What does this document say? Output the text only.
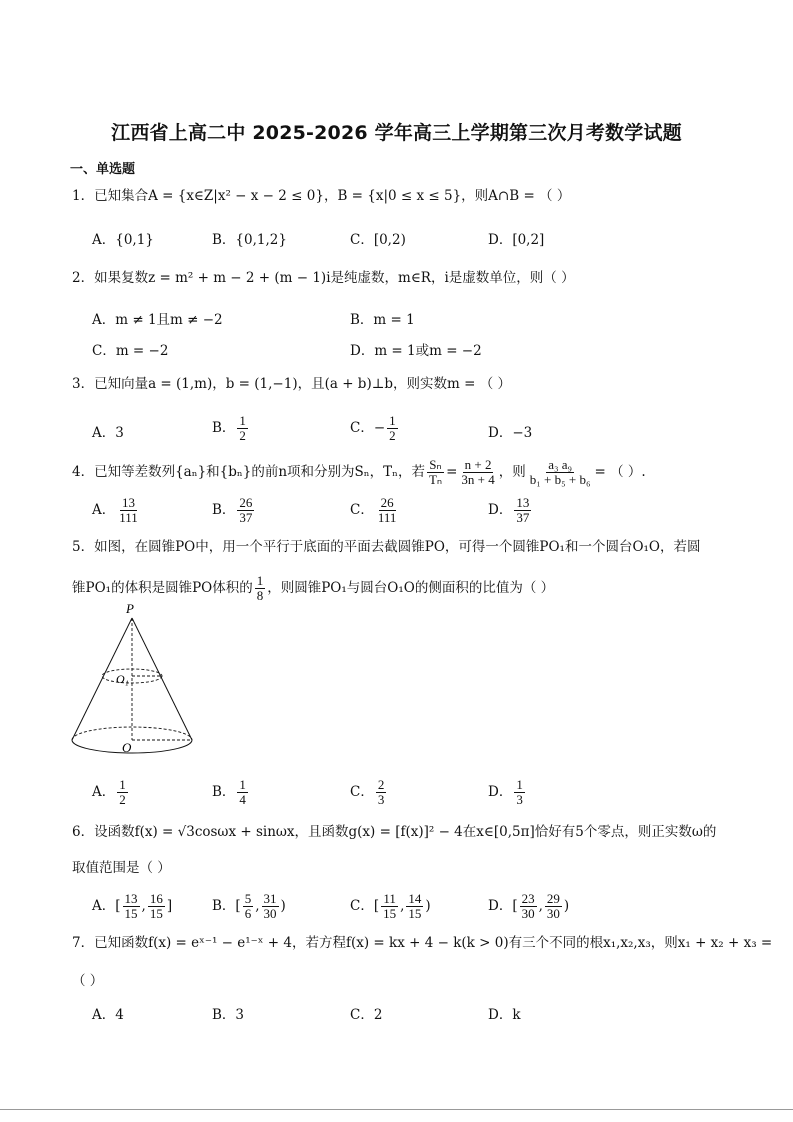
江西省上高二中 2025-2026 学年高三上学期第三次月考数学试题
一、单选题
1．已知集合A = {x∈Z|x² − x − 2 ≤ 0}，B = {x|0 ≤ x ≤ 5}，则A∩B = （ ）
A．{0,1}	B．{0,1,2}	C．[0,2)	D．[0,2]
2．如果复数z = m² + m − 2 + (m − 1)i是纯虚数，m∈R，i是虚数单位，则（ ）
A．m ≠ 1且m ≠ −2	B．m = 1
C．m = −2	D．m = 1或m = −2
3．已知向量a = (1,m)，b = (1,−1)，且(a + b)⊥b，则实数m = （ ）
A．3	B． $\frac{1}{2}$	C．− $\frac{1}{2}$	D．−3
4．已知等差数列{aₙ}和{bₙ}的前n项和分别为Sₙ，Tₙ，若 $\frac{\text{Sₙ}}{\text{Tₙ}} = \frac{n + 2}{3n + 4}$ ，则 $\frac{\text{a₃ a₉}}{\text{b₁ + b₅ + b₆}}$ = （ ）.
A． $\frac{13}{111}$	B． $\frac{26}{37}$	C． $\frac{26}{111}$	D． $\frac{13}{37}$
5．如图，在圆锥PO中，用一个平行于底面的平面去截圆锥PO，可得一个圆锥PO₁和一个圆台O₁O，若圆
锥PO₁的体积是圆锥PO体积的 $\frac{1}{8}$ ，则圆锥PO₁与圆台O₁O的侧面积的比值为（ ）
P
O₁
O
A． $\frac{1}{2}$	B． $\frac{1}{4}$	C． $\frac{2}{3}$	D． $\frac{1}{3}$
6．设函数f(x) = √3cosωx + sinωx，且函数g(x) = [f(x)]² − 4在x∈[0,5π]恰好有5个零点，则正实数ω的
取值范围是（ ）
A．[ $\frac{13}{15}$ , $\frac{16}{15}$ ]	B．[ $\frac{5}{6}$ , $\frac{31}{30}$ )	C．[ $\frac{11}{15}$ , $\frac{14}{15}$ )	D．[ $\frac{23}{30}$ , $\frac{29}{30}$ )
7．已知函数f(x) = eˣ⁻¹ − e¹⁻ˣ + 4，若方程f(x) = kx + 4 − k(k > 0)有三个不同的根x₁,x₂,x₃，则x₁ + x₂ + x₃ =
（ ）
A．4	B．3	C．2	D．k
